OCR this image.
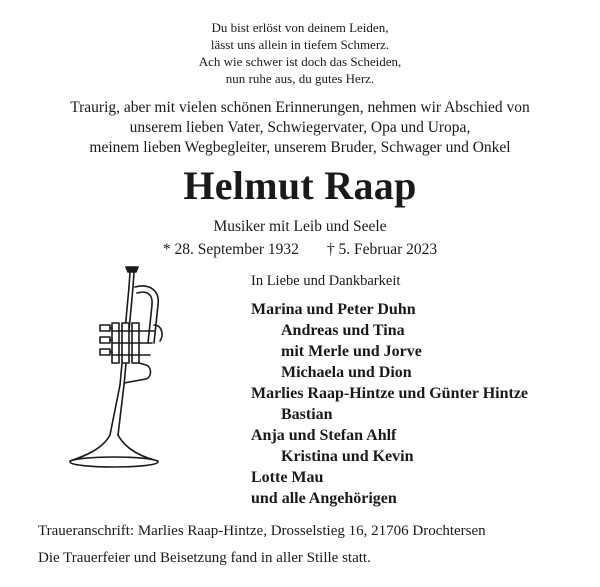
Du bist erlöst von deinem Leiden,
lässt uns allein in tiefem Schmerz.
Ach wie schwer ist doch das Scheiden,
nun ruhe aus, du gutes Herz.
Traurig, aber mit vielen schönen Erinnerungen, nehmen wir Abschied von
unserem lieben Vater, Schwiegervater, Opa und Uropa,
meinem lieben Wegbegleiter, unserem Bruder, Schwager und Onkel
Helmut Raap
Musiker mit Leib und Seele
* 28. September 1932 † 5. Februar 2023
In Liebe und Dankbarkeit
Marina und Peter Duhn
Andreas und Tina
mit Merle und Jorve
Michaela und Dion
Marlies Raap-Hintze und Günter Hintze
Bastian
Anja und Stefan Ahlf
Kristina und Kevin
Lotte Mau
und alle Angehörigen
Traueranschrift: Marlies Raap-Hintze, Drosselstieg 16, 21706 Drochtersen
Die Trauerfeier und Beisetzung fand in aller Stille statt.
